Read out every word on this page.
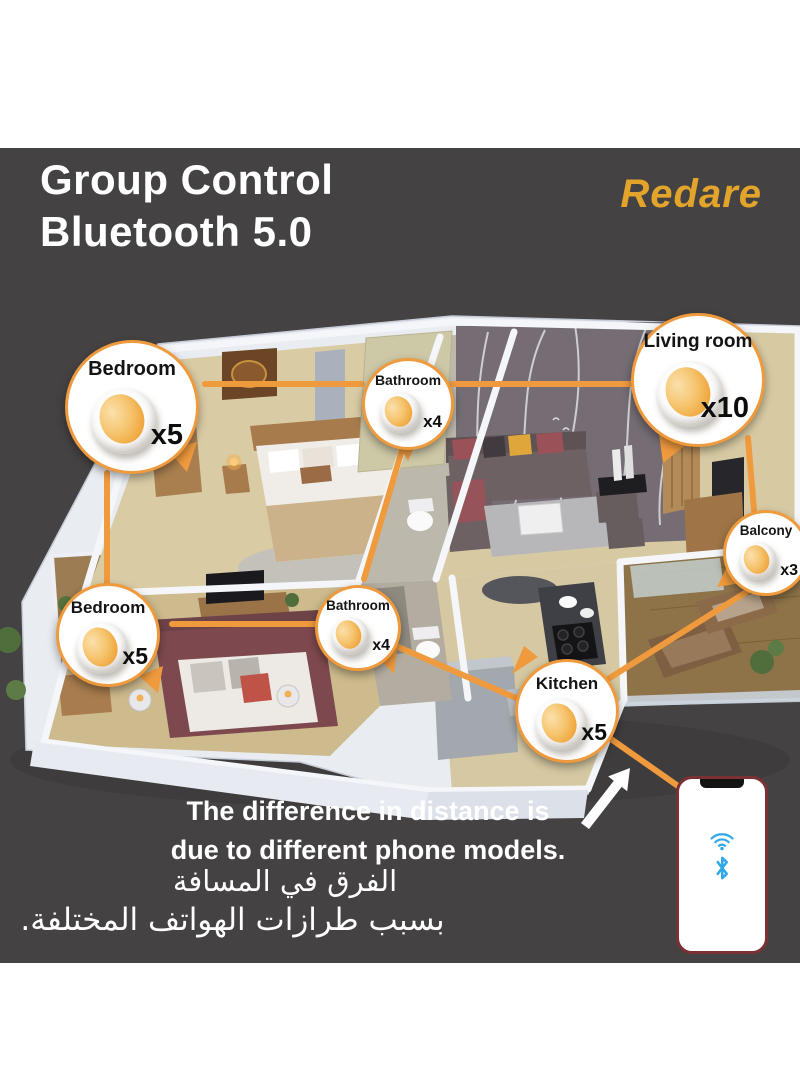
Group Control
Bluetooth 5.0
Redare
Bedroom
x5
Bathroom
x4
Living room
x10
Balcony
x3
Bedroom
x5
Bathroom
x4
Kitchen
x5
The difference in distance is
due to different phone models.
الفرق في المسافة
بسبب طرازات الهواتف المختلفة.
